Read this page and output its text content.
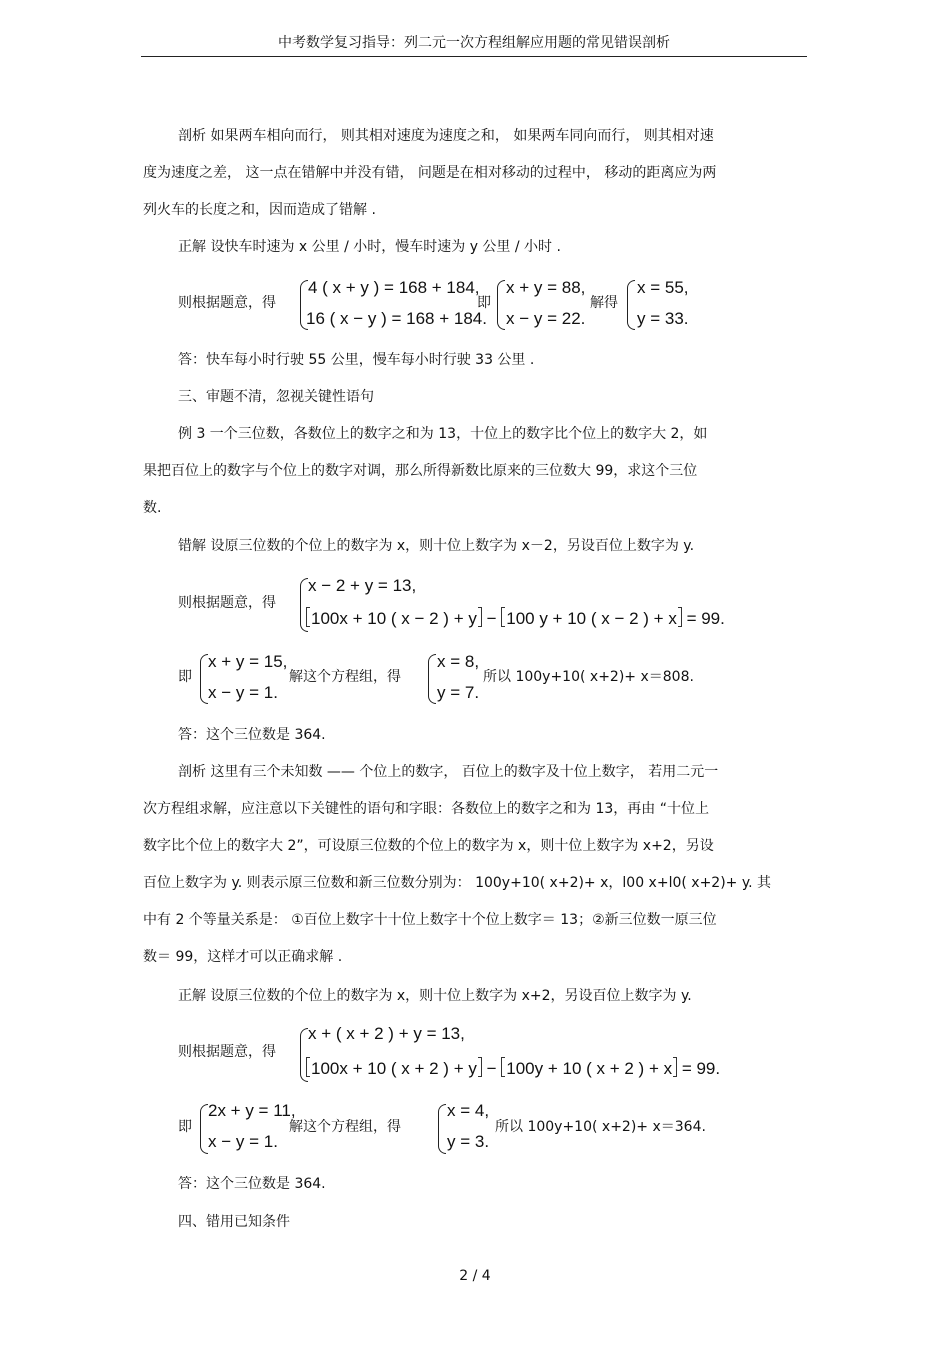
中考数学复习指导：列二元一次方程组解应用题的常见错误剖析
剖析 如果两车相向而行， 则其相对速度为速度之和， 如果两车同向而行， 则其相对速
度为速度之差， 这一点在错解中并没有错， 问题是在相对移动的过程中， 移动的距离应为两
列火车的长度之和，因而造成了错解 .
正解 设快车时速为 x 公里 / 小时，慢车时速为 y 公里 / 小时 .
则根据题意，得
4 ( x + y ) = 168 + 184,
16 ( x − y ) = 168 + 184.
即
x + y = 88,
x − y = 22.
解得
x = 55,
y = 33.
答：快车每小时行驶 55 公里，慢车每小时行驶 33 公里 .
三、审题不清，忽视关键性语句
例 3 一个三位数，各数位上的数字之和为 13，十位上的数字比个位上的数字大 2，如
果把百位上的数字与个位上的数字对调，那么所得新数比原来的三位数大 99，求这个三位
数.
错解 设原三位数的个位上的数字为 x，则十位上数字为 x－2，另设百位上数字为 y.
则根据题意，得
x − 2 + y = 13,
100x + 10 ( x − 2 ) + y − 100 y + 10 ( x − 2 ) + x = 99.
即
x + y = 15,
x − y = 1.
解这个方程组，得
x = 8,
y = 7.
所以 100y+10( x+2)+ x＝808.
答：这个三位数是 364.
剖析 这里有三个未知数 —— 个位上的数字， 百位上的数字及十位上数字， 若用二元一
次方程组求解，应注意以下关键性的语句和字眼：各数位上的数字之和为 13，再由 “十位上
数字比个位上的数字大 2”，可设原三位数的个位上的数字为 x，则十位上数字为 x+2，另设
百位上数字为 y. 则表示原三位数和新三位数分别为： 100y+10( x+2)+ x，l00 x+l0( x+2)+ y. 其
中有 2 个等量关系是： ①百位上数字十十位上数字十个位上数字＝ 13；②新三位数一原三位
数＝ 99，这样才可以正确求解 .
正解 设原三位数的个位上的数字为 x，则十位上数字为 x+2，另设百位上数字为 y.
则根据题意，得
x + ( x + 2 ) + y = 13,
100x + 10 ( x + 2 ) + y − 100y + 10 ( x + 2 ) + x = 99.
即
2x + y = 11,
x − y = 1.
解这个方程组，得
x = 4,
y = 3.
所以 100y+10( x+2)+ x＝364.
答：这个三位数是 364.
四、错用已知条件
2 / 4
